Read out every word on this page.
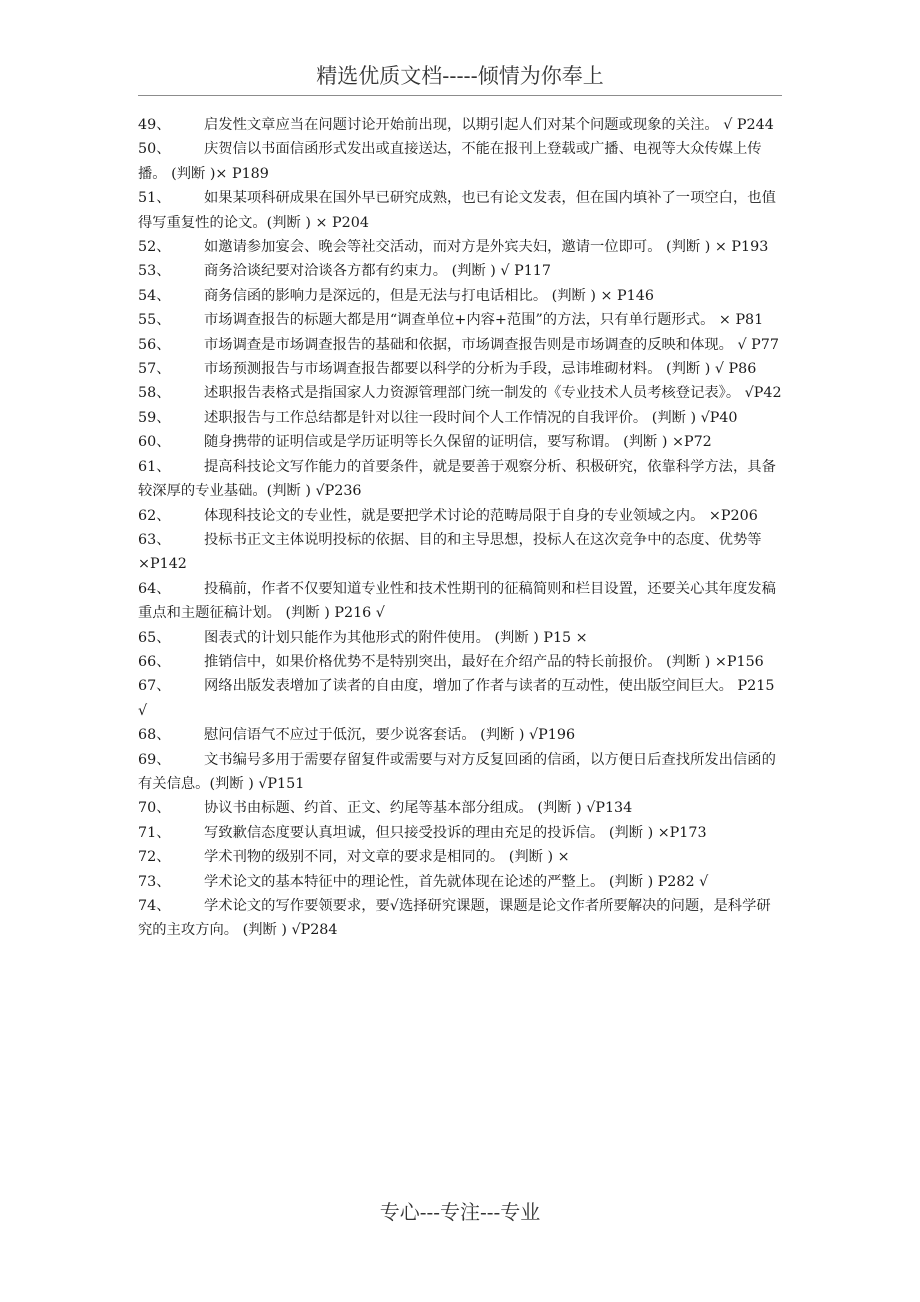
精选优质文档-----倾情为你奉上
49、 启发性文章应当在问题讨论开始前出现，以期引起人们对某个问题或现象的关注。 √ P244
50、 庆贺信以书面信函形式发出或直接送达，不能在报刊上登载或广播、电视等大众传媒上传播。 (判断 )× P189
51、 如果某项科研成果在国外早已研究成熟，也已有论文发表，但在国内填补了一项空白，也值得写重复性的论文。(判断 ) × P204
52、 如邀请参加宴会、晚会等社交活动，而对方是外宾夫妇，邀请一位即可。 (判断 ) × P193
53、 商务洽谈纪要对洽谈各方都有约束力。 (判断 ) √ P117
54、 商务信函的影响力是深远的，但是无法与打电话相比。 (判断 ) × P146
55、 市场调查报告的标题大都是用“调查单位+内容+范围”的方法，只有单行题形式。 × P81
56、 市场调查是市场调查报告的基础和依据，市场调查报告则是市场调查的反映和体现。 √ P77
57、 市场预测报告与市场调查报告都要以科学的分析为手段，忌讳堆砌材料。 (判断 ) √ P86
58、 述职报告表格式是指国家人力资源管理部门统一制发的《专业技术人员考核登记表》。 √P42
59、 述职报告与工作总结都是针对以往一段时间个人工作情况的自我评价。 (判断 ) √P40
60、 随身携带的证明信或是学历证明等长久保留的证明信，要写称谓。 (判断 ) ×P72
61、 提高科技论文写作能力的首要条件，就是要善于观察分析、积极研究，依靠科学方法，具备较深厚的专业基础。(判断 ) √P236
62、 体现科技论文的专业性，就是要把学术讨论的范畴局限于自身的专业领域之内。 ×P206
63、 投标书正文主体说明投标的依据、目的和主导思想，投标人在这次竞争中的态度、优势等×P142
64、 投稿前，作者不仅要知道专业性和技术性期刊的征稿简则和栏目设置，还要关心其年度发稿重点和主题征稿计划。 (判断 ) P216 √
65、 图表式的计划只能作为其他形式的附件使用。 (判断 ) P15 ×
66、 推销信中，如果价格优势不是特别突出，最好在介绍产品的特长前报价。 (判断 ) ×P156
67、 网络出版发表增加了读者的自由度，增加了作者与读者的互动性，使出版空间巨大。 P215 √
68、 慰问信语气不应过于低沉，要少说客套话。 (判断 ) √P196
69、 文书编号多用于需要存留复件或需要与对方反复回函的信函，以方便日后查找所发出信函的有关信息。(判断 ) √P151
70、 协议书由标题、约首、正文、约尾等基本部分组成。 (判断 ) √P134
71、 写致歉信态度要认真坦诚，但只接受投诉的理由充足的投诉信。 (判断 ) ×P173
72、 学术刊物的级别不同，对文章的要求是相同的。 (判断 ) ×
73、 学术论文的基本特征中的理论性，首先就体现在论述的严整上。 (判断 ) P282 √
74、 学术论文的写作要领要求，要√选择研究课题，课题是论文作者所要解决的问题，是科学研究的主攻方向。 (判断 ) √P284
专心---专注---专业
